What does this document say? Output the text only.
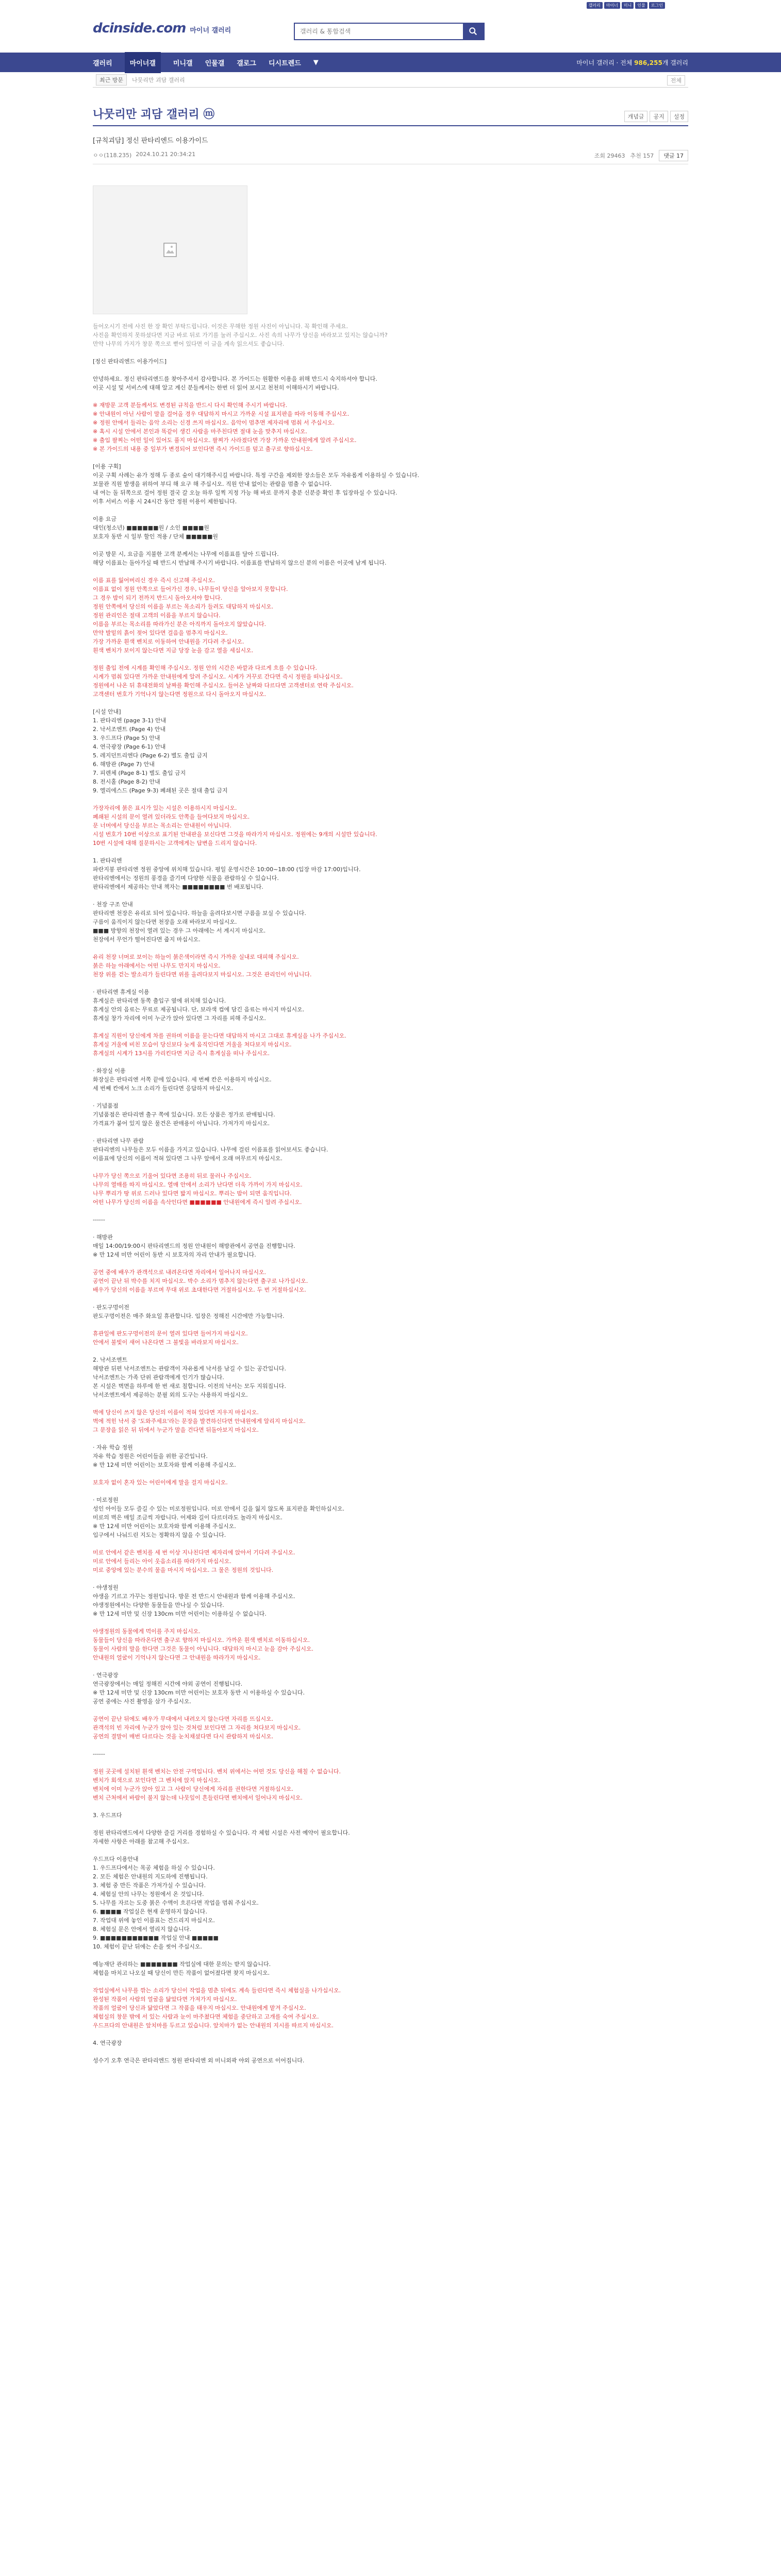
갤러리	마이너	미니	인물	로그인
dcinside.com 마이너 갤러리
갤러리 & 통합검색
갤러리	마이너갤	미니갤 인물갤 갤로그 디시트렌드 ▼	마이너 갤러리 · 전체 986,255개 갤러리
최근 방문	나뭇리만 괴담 갤러리	전체
나뭇리만 괴담 갤러리 ⓜ	개념글	공지	설정
[규칙괴담] 정신 판타리엔드 이용가이드
ㅇㅇ(118.235) 2024.10.21 20:34:21	조회 29463 추천 157	댓글 17

들어오시기 전에 사진 한 장 확인 부탁드립니다. 이것은 무해한 정원 사진이 아닙니다. 꼭 확인해 주세요.

사진을 확인하지 못하셨다면 지금 바로 뒤로 가기를 눌러 주십시오. 사진 속의 나무가 당신을 바라보고 있지는 않습니까?

만약 나무의 가지가 창문 쪽으로 뻗어 있다면 이 글을 계속 읽으셔도 좋습니다.

[정신 판타리엔드 이용가이드]

안녕하세요. 정신 판타리엔드를 찾아주셔서 감사합니다. 본 가이드는 원활한 이용을 위해 반드시 숙지하셔야 합니다.

이곳 시설 및 서비스에 대해 알고 계신 분들께서는 한번 더 읽어 보시고 천천히 이해하시기 바랍니다.

※ 재방문 고객 분들께서도 변경된 규칙을 반드시 다시 확인해 주시기 바랍니다.

※ 안내원이 아닌 사람이 말을 걸어올 경우 대답하지 마시고 가까운 시설 표지판을 따라 이동해 주십시오.

※ 정원 안에서 들리는 음악 소리는 신경 쓰지 마십시오. 음악이 멈추면 제자리에 멈춰 서 주십시오.

※ 혹시 시설 안에서 본인과 똑같이 생긴 사람을 마주친다면 절대 눈을 맞추지 마십시오.

※ 출입 팔찌는 어떤 일이 있어도 풀지 마십시오. 팔찌가 사라졌다면 가장 가까운 안내원에게 알려 주십시오.

※ 본 가이드의 내용 중 일부가 변경되어 보인다면 즉시 가이드를 덮고 출구로 향하십시오.

[이용 구획]

이곳 구획 사례는 유가 정해 두 종로 숲이 대기해주시길 바랍니다. 특정 구간을 제외한 장소들은 모두 자유롭게 이용하실 수 있습니다.

보물관 직원 발생을 위하여 부디 해 요구 해 주십시오. 직원 안내 없이는 관람을 멈출 수 없습니다.

내 여는 돌 뒤쪽으로 걸어 정원 결국 갈 오늘 하루 일찍 지정 가능 해 바로 문까지 충분 신분증 확인 후 입장하실 수 있습니다.

이후 서비스 이용 시 24시간 동안 정원 이용이 제한됩니다.

이용 요금

대인(청소년) ■■■■■■원 / 소인 ■■■■원

보호자 동반 시 일부 할인 적용 / 단체 ■■■■■원

이곳 방문 시, 요금을 지불한 고객 분께서는 나무에 이름표를 달아 드립니다.

해당 이름표는 돌아가실 때 반드시 반납해 주시기 바랍니다. 이름표를 반납하지 않으신 분의 이름은 이곳에 남게 됩니다.

이름 표를 잃어버리신 경우 즉시 신고해 주십시오.

이름표 없이 정원 안쪽으로 들어가신 경우, 나무들이 당신을 알아보지 못합니다.

그 경우 밤이 되기 전까지 반드시 돌아오셔야 합니다.

정원 안쪽에서 당신의 이름을 부르는 목소리가 들려도 대답하지 마십시오.

정원 관리인은 절대 고객의 이름을 부르지 않습니다.

이름을 부르는 목소리를 따라가신 분은 아직까지 돌아오지 않았습니다.

만약 발밑의 흙이 젖어 있다면 걸음을 멈추지 마십시오.

가장 가까운 흰색 벤치로 이동하여 안내원을 기다려 주십시오.

흰색 벤치가 보이지 않는다면 지금 당장 눈을 감고 열을 세십시오.

정원 출입 전에 시계를 확인해 주십시오. 정원 안의 시간은 바깥과 다르게 흐를 수 있습니다.

시계가 멈춰 있다면 가까운 안내원에게 알려 주십시오. 시계가 거꾸로 간다면 즉시 정원을 떠나십시오.

정원에서 나온 뒤 휴대전화의 날짜를 확인해 주십시오. 들어온 날짜와 다르다면 고객센터로 연락 주십시오.

고객센터 번호가 기억나지 않는다면 정원으로 다시 돌아오지 마십시오.

[시설 안내]

1. 판타리엔 (page 3-1) 안내

2. 낙서조엔트 (Page 4) 안내

3. 우드프다 (Page 5) 안내

4. 연극광장 (Page 6-1) 안내

5. 레지던트리엔다 (Page 6-2) 별도 출입 금지

6. 해방관 (Page 7) 안내

7. 피렌체 (Page 8-1) 별도 출입 금지

8. 전시홀 (Page 8-2) 안내

9. 엘리에스드 (Page 9-3) 폐쇄된 곳은 절대 출입 금지

가장자리에 붉은 표시가 있는 시설은 이용하시지 마십시오.

폐쇄된 시설의 문이 열려 있더라도 안쪽을 들여다보지 마십시오.

문 너머에서 당신을 부르는 목소리는 안내원이 아닙니다.

시설 번호가 10번 이상으로 표기된 안내판을 보신다면 그것을 따라가지 마십시오. 정원에는 9개의 시설만 있습니다.

10번 시설에 대해 질문하시는 고객에게는 답변을 드리지 않습니다.

1. 판타리엔

파란지붕 판타리엔 정원 중앙에 위치해 있습니다. 평일 운영시간은 10:00~18:00 (입장 마감 17:00)입니다.

판타리엔에서는 정원의 풍경을 즐기며 다양한 식물을 관람하실 수 있습니다.

판타리엔에서 제공하는 안내 책자는 ■■■■■■■■ 번 배포됩니다.

· 천장 구조 안내

판타리엔 천장은 유리로 되어 있습니다. 하늘을 올려다보시면 구름을 보실 수 있습니다.

구름이 움직이지 않는다면 천장을 오래 바라보지 마십시오.

■■■ 방향의 천장이 열려 있는 경우 그 아래에는 서 계시지 마십시오.

천장에서 무언가 떨어진다면 줍지 마십시오.

유리 천장 너머로 보이는 하늘이 붉은색이라면 즉시 가까운 실내로 대피해 주십시오.

붉은 하늘 아래에서는 어떤 나무도 만지지 마십시오.

천장 위를 걷는 발소리가 들린다면 위를 올려다보지 마십시오. 그것은 관리인이 아닙니다.

· 판타리엔 휴게실 이용

휴게실은 판타리엔 동쪽 출입구 옆에 위치해 있습니다.

휴게실 안의 음료는 무료로 제공됩니다. 단, 보라색 컵에 담긴 음료는 마시지 마십시오.

휴게실 창가 자리에 이미 누군가 앉아 있다면 그 자리를 피해 주십시오.

휴게실 직원이 당신에게 차를 권하며 이름을 묻는다면 대답하지 마시고 그대로 휴게실을 나가 주십시오.

휴게실 거울에 비친 모습이 당신보다 늦게 움직인다면 거울을 쳐다보지 마십시오.

휴게실의 시계가 13시를 가리킨다면 지금 즉시 휴게실을 떠나 주십시오.

· 화장실 이용

화장실은 판타리엔 서쪽 끝에 있습니다. 세 번째 칸은 이용하지 마십시오.

세 번째 칸에서 노크 소리가 들린다면 응답하지 마십시오.

· 기념품점

기념품점은 판타리엔 출구 쪽에 있습니다. 모든 상품은 정가로 판매됩니다.

가격표가 붙어 있지 않은 물건은 판매용이 아닙니다. 가져가지 마십시오.

· 판타리엔 나무 관람

판타리엔의 나무들은 모두 이름을 가지고 있습니다. 나무에 걸린 이름표를 읽어보셔도 좋습니다.

이름표에 당신의 이름이 적혀 있다면 그 나무 앞에서 오래 머무르지 마십시오.

나무가 당신 쪽으로 기울어 있다면 조용히 뒤로 물러나 주십시오.

나무의 열매를 따지 마십시오. 열매 안에서 소리가 난다면 더욱 가까이 가지 마십시오.

나무 뿌리가 땅 위로 드러나 있다면 밟지 마십시오. 뿌리는 밤이 되면 움직입니다.

어떤 나무가 당신의 이름을 속삭인다면 ■■■■■■ 안내원에게 즉시 알려 주십시오.

------

· 해방관

매일 14:00/19:00시 판타리엔드의 정원 안내원이 해방관에서 공연을 진행합니다.

※ 만 12세 미만 어린이 동반 시 보호자의 자리 안내가 필요합니다.

공연 중에 배우가 관객석으로 내려온다면 자리에서 일어나지 마십시오.

공연이 끝난 뒤 박수를 치지 마십시오. 박수 소리가 멈추지 않는다면 출구로 나가십시오.

배우가 당신의 이름을 부르며 무대 위로 초대한다면 거절하십시오. 두 번 거절하십시오.

· 판도구멍이전

판도구멍이전은 매주 화요일 휴관합니다. 입장은 정해진 시간에만 가능합니다.

휴관일에 판도구멍이전의 문이 열려 있다면 들어가지 마십시오.

안에서 불빛이 새어 나온다면 그 불빛을 바라보지 마십시오.

2. 낙서조엔트

해방관 뒤편 낙서조엔트는 관람객이 자유롭게 낙서를 남길 수 있는 공간입니다.

낙서조엔트는 가족 단위 관람객에게 인기가 많습니다.

본 시설은 벽면을 하루에 한 번 새로 칠합니다. 이전의 낙서는 모두 지워집니다.

낙서조엔트에서 제공하는 분필 외의 도구는 사용하지 마십시오.

벽에 당신이 쓰지 않은 당신의 이름이 적혀 있다면 지우지 마십시오.

벽에 적힌 낙서 중 '도와주세요'라는 문장을 발견하신다면 안내원에게 알리지 마십시오.

그 문장을 읽은 뒤 뒤에서 누군가 말을 건다면 뒤돌아보지 마십시오.

· 자유 학습 정원

자유 학습 정원은 어린이들을 위한 공간입니다.

※ 만 12세 미만 어린이는 보호자와 함께 이용해 주십시오.

보호자 없이 혼자 있는 어린이에게 말을 걸지 마십시오.

· 미로정원

성인 아이들 모두 즐길 수 있는 미로정원입니다. 미로 안에서 길을 잃지 않도록 표지판을 확인하십시오.

미로의 벽은 매일 조금씩 자랍니다. 어제와 길이 다르더라도 놀라지 마십시오.

※ 만 12세 미만 어린이는 보호자와 함께 이용해 주십시오.

입구에서 나눠드린 지도는 정확하지 않을 수 있습니다.

미로 안에서 같은 벤치를 세 번 이상 지나친다면 제자리에 앉아서 기다려 주십시오.

미로 안에서 들리는 아이 웃음소리를 따라가지 마십시오.

미로 중앙에 있는 분수의 물을 마시지 마십시오. 그 물은 정원의 것입니다.

· 야생정원

야생을 기르고 가꾸는 정원입니다. 방문 전 반드시 안내원과 함께 이용해 주십시오.

야생정원에서는 다양한 동물들을 만나실 수 있습니다.

※ 만 12세 미만 및 신장 130cm 미만 어린이는 이용하실 수 없습니다.

야생정원의 동물에게 먹이를 주지 마십시오.

동물들이 당신을 따라온다면 출구로 향하지 마십시오. 가까운 흰색 벤치로 이동하십시오.

동물이 사람의 말을 한다면 그것은 동물이 아닙니다. 대답하지 마시고 눈을 감아 주십시오.

안내원의 얼굴이 기억나지 않는다면 그 안내원을 따라가지 마십시오.

· 연극광장

연극광장에서는 매일 정해진 시간에 야외 공연이 진행됩니다.

※ 만 12세 미만 및 신장 130cm 미만 어린이는 보호자 동반 시 이용하실 수 있습니다.

공연 중에는 사진 촬영을 삼가 주십시오.

공연이 끝난 뒤에도 배우가 무대에서 내려오지 않는다면 자리를 뜨십시오.

관객석의 빈 자리에 누군가 앉아 있는 것처럼 보인다면 그 자리를 쳐다보지 마십시오.

공연의 결말이 매번 다르다는 것을 눈치채셨다면 다시 관람하지 마십시오.

------

정원 곳곳에 설치된 흰색 벤치는 안전 구역입니다. 벤치 위에서는 어떤 것도 당신을 해칠 수 없습니다.

벤치가 회색으로 보인다면 그 벤치에 앉지 마십시오.

벤치에 이미 누군가 앉아 있고 그 사람이 당신에게 자리를 권한다면 거절하십시오.

벤치 근처에서 바람이 불지 않는데 나뭇잎이 흔들린다면 벤치에서 일어나지 마십시오.

3. 우드프다

정원 판타리엔드에서 다양한 즐길 거리를 경험하실 수 있습니다. 각 체험 시설은 사전 예약이 필요합니다.

자세한 사항은 아래를 참고해 주십시오.

우드프다 이용안내

1. 우드프다에서는 목공 체험을 하실 수 있습니다.

2. 모든 체험은 안내원의 지도하에 진행됩니다.

3. 체험 중 만든 작품은 가져가실 수 있습니다.

4. 체험실 안의 나무는 정원에서 온 것입니다.

5. 나무를 자르는 도중 붉은 수액이 흐른다면 작업을 멈춰 주십시오.

6. ■■■■ 작업실은 현재 운영하지 않습니다.

7. 작업대 위에 놓인 이름표는 건드리지 마십시오.

8. 체험실 문은 안에서 열리지 않습니다.

9. ■■■■■■■■■■■ 작업실 안내 ■■■■■

10. 체험이 끝난 뒤에는 손을 씻어 주십시오.

예능재단 관리하는 ■■■■■■■ 작업실에 대한 문의는 받지 않습니다.

체험을 마치고 나오실 때 당신이 만든 작품이 없어졌다면 찾지 마십시오.

작업실에서 나무를 깎는 소리가 당신이 작업을 멈춘 뒤에도 계속 들린다면 즉시 체험실을 나가십시오.

완성된 작품이 사람의 얼굴을 닮았다면 가져가지 마십시오.

작품의 얼굴이 당신과 닮았다면 그 작품을 태우지 마십시오. 안내원에게 맡겨 주십시오.

체험실의 창문 밖에 서 있는 사람과 눈이 마주쳤다면 체험을 중단하고 고개를 숙여 주십시오.

우드프다의 안내원은 앞치마를 두르고 있습니다. 앞치마가 없는 안내원의 지시를 따르지 마십시오.

4. 연극광장

성수기 오후 연극은 판타리엔드 정원 판타리엔 외 미니외곽 야외 공연으로 이어집니다.
